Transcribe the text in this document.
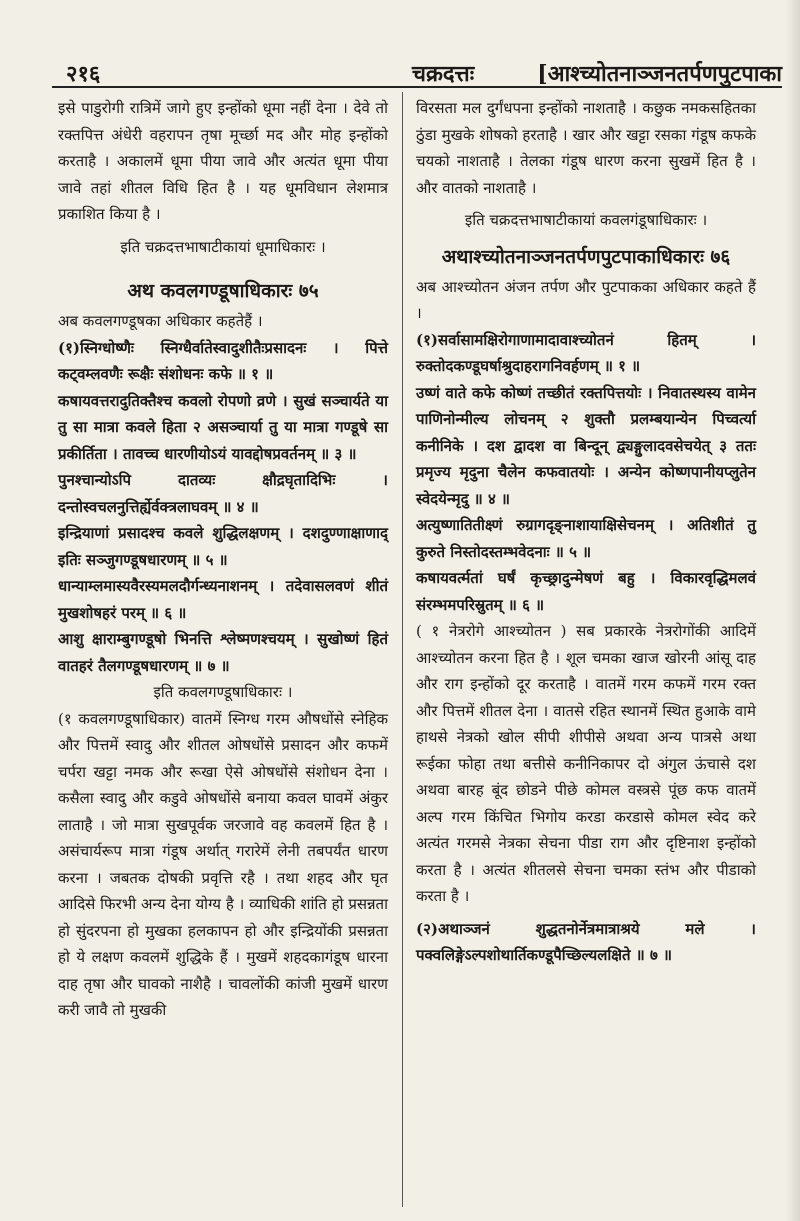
२१६	चक्रदत्तः	[आश्च्योतनाञ्जनतर्पणपुटपाका

इसे पाडुरोगी रात्रिमें जागे हुए इन्होंको धूमा नहीं देना । देवे तो रक्तपित्त अंधेरी वहरापन तृषा मूर्च्छा मद और मोह इन्होंको करताहै । अकालमें धूमा पीया जावे और अत्यंत धूमा पीया जावे तहां शीतल विधि हित है । यह धूमविधान लेशमात्र प्रकाशित किया है ।

इति चक्रदत्तभाषाटीकायां धूमाधिकारः ।

अथ कवलगण्डूषाधिकारः ७५

अब कवलगण्डूषका अधिकार कहतेहैं ।

(१)स्निग्धोष्णैः स्निग्धैर्वातेस्वादुशीतैःप्रसादनः । पित्ते कट्वम्लवणैः रूक्षैः संशोधनः कफे ॥ १ ॥

कषायवत्तरादुतिक्तैश्च कवलो रोपणो व्रणे । सुखं सञ्चार्यते या तु सा मात्रा कवले हिता २ असञ्चार्या तु या मात्रा गण्डूषे सा प्रकीर्तिता । तावच्च धारणीयोऽयं यावद्दोषप्रवर्तनम् ॥ ३ ॥

पुनश्चान्योऽपि दातव्यः क्षौद्रघृतादिभिः । दन्तोस्वचलनुत्तिर्ह्येर्वक्त्रलाघवम् ॥ ४ ॥

इन्द्रियाणां प्रसादश्च कवले शुद्धिलक्षणम् । दशदुण्णाक्षाणाद् इतिः सञ्जुगण्डूषधारणम् ॥ ५ ॥

धान्याम्लमास्यवैरस्यमलदौर्गन्ध्यनाशनम् । तदेवासलवणं शीतं मुखशोषहरं परम् ॥ ६ ॥

आशु क्षाराम्बुगण्डूषो भिनत्ति श्लेष्मणश्चयम् । सुखोष्णं हितं वातहरं तैलगण्डूषधारणम् ॥ ७ ॥

इति कवलगण्डूषाधिकारः ।

(१ कवलगण्डूषाधिकार) वातमें स्निग्ध गरम औषधोंसे स्नेहिक और पित्तमें स्वादु और शीतल ओषधोंसे प्रसादन और कफमें चर्परा खट्टा नमक और रूखा ऐसे ओषधोंसे संशोधन देना । कसैला स्वादु और कडुवे ओषधोंसे बनाया कवल घावमें अंकुर लाताहै । जो मात्रा सुखपूर्वक जरजावे वह कवलमें हित है । असंचार्यरूप मात्रा गंडूष अर्थात् गरारेमें लेनी तबपर्यंत धारण करना । जबतक दोषकी प्रवृत्ति रहै । तथा शहद और घृत आदिसे फिरभी अन्य देना योग्य है । व्याधिकी शांति हो प्रसन्नता हो सुंदरपना हो मुखका हलकापन हो और इन्द्रियोंकी प्रसन्नता हो ये लक्षण कवलमें शुद्धिके हैं । मुखमें शहदकागंडूष धारना दाह तृषा और घावको नाशैहै । चावलोंकी कांजी मुखमें धारण करी जावै तो मुखकी

विरसता मल दुर्गंधपना इन्होंको नाशताहै । कछुक नमकसहितका ठुंडा मुखके शोषको हरताहै । खार और खट्टा रसका गंडूष कफके चयको नाशताहै । तेलका गंडूष धारण करना सुखमें हित है । और वातको नाशताहै ।

इति चक्रदत्तभाषाटीकायां कवलगंडूषाधिकारः ।

अथाश्च्योतनाञ्जनतर्पणपुटपाकाधिकारः ७६

अब आश्च्योतन अंजन तर्पण और पुटपाकका अधिकार कहते हैं ।

(१)सर्वासामक्षिरोगाणामादावाश्च्योतनं हितम् । रुक्तोदकण्डूघर्षाश्रुदाहरागनिवर्हणम् ॥ १ ॥

उष्णं वाते कफे कोष्णं तच्छीतं रक्तपित्तयोः । निवातस्थस्य वामेन पाणिनोन्मील्य लोचनम् २ शुक्तौ प्रलम्बयान्येन पिच्वर्त्या कनीनिके । दश द्वादश वा बिन्दून् द्व्यङ्गुलादवसेचयेत् ३ ततः प्रमृज्य मृदुना चैलेन कफवातयोः । अन्येन कोष्णपानीयप्लुतेन स्वेदयेन्मृदु ॥ ४ ॥

अत्युष्णातितीक्ष्णं रुग्रागदृङ्नाशायाक्षिसेचनम् । अतिशीतं तु कुरुते निस्तोदस्तम्भवेदनाः ॥ ५ ॥

कषायवर्त्मतां घर्षं कृच्छ्रादुन्मेषणं बहु । विकारवृद्धिमलवं संरम्भमपरिस्रुतम् ॥ ६ ॥

( १ नेत्ररोगे आश्च्योतन ) सब प्रकारके नेत्ररोगोंकी आदिमें आश्च्योतन करना हित है । शूल चमका खाज खोरनी आंसू दाह और राग इन्होंको दूर करताहै । वातमें गरम कफमें गरम रक्त और पित्तमें शीतल देना । वातसे रहित स्थानमें स्थित हुआके वामे हाथसे नेत्रको खोल सीपी शीपीसे अथवा अन्य पात्रसे अथा रूईका फोहा तथा बत्तीसे कनीनिकापर दो अंगुल ऊंचासे दश अथवा बारह बूंद छोडने पीछे कोमल वस्त्रसे पूंछ कफ वातमें अल्प गरम किंचित भिगोय करडा करडासे कोमल स्वेद करे अत्यंत गरमसे नेत्रका सेचना पीडा राग और दृष्टिनाश इन्होंको करता है । अत्यंत शीतलसे सेचना चमका स्तंभ और पीडाको करता है ।

(२)अथाञ्जनं शुद्धतनोर्नेत्रमात्राश्रये मले । पक्वलिङ्गेऽल्पशोथार्तिकण्डूपैच्छिल्यलक्षिते ॥ ७ ॥
